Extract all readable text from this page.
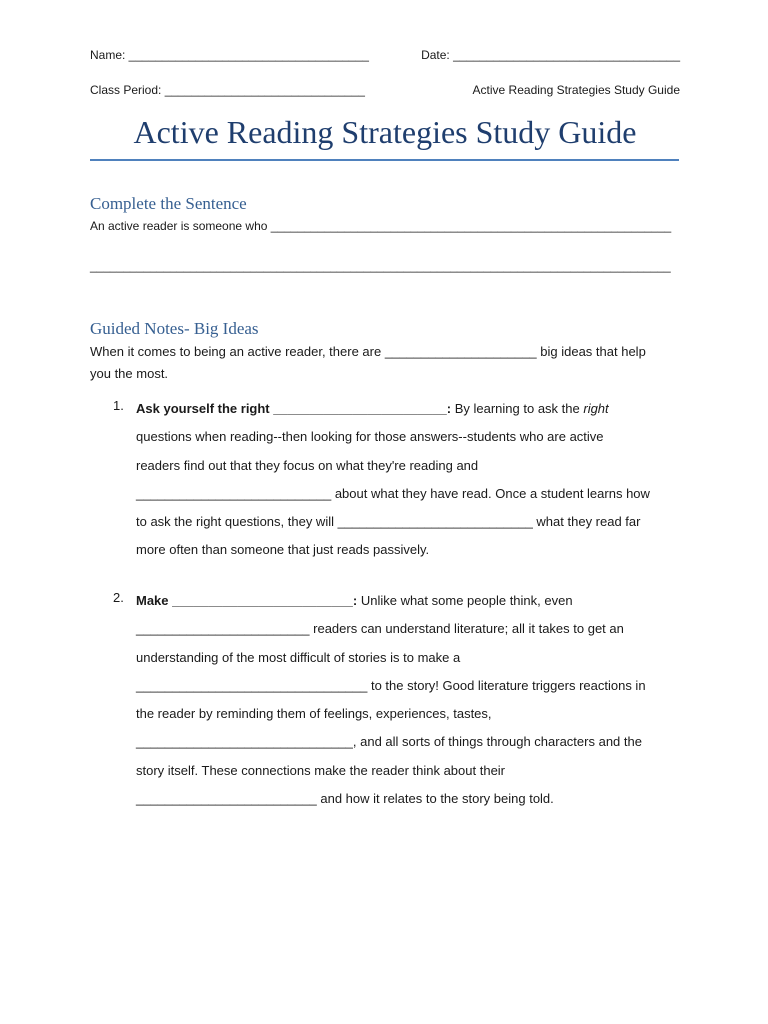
Name: ____________________________________	Date: __________________________________
Class Period: ______________________________	Active Reading Strategies Study Guide
Active Reading Strategies Study Guide
Complete the Sentence
An active reader is someone who ____________________________________________________________
_______________________________________________________________________________________
Guided Notes- Big Ideas
When it comes to being an active reader, there are _____________________ big ideas that help
you the most.
1. Ask yourself the right ________________________: By learning to ask the right
questions when reading--then looking for those answers--students who are active
readers find out that they focus on what they're reading and
___________________________ about what they have read. Once a student learns how
to ask the right questions, they will ___________________________ what they read far
more often than someone that just reads passively.
2. Make _________________________: Unlike what some people think, even
________________________ readers can understand literature; all it takes to get an
understanding of the most difficult of stories is to make a
________________________________ to the story! Good literature triggers reactions in
the reader by reminding them of feelings, experiences, tastes,
______________________________, and all sorts of things through characters and the
story itself. These connections make the reader think about their
_________________________ and how it relates to the story being told.
